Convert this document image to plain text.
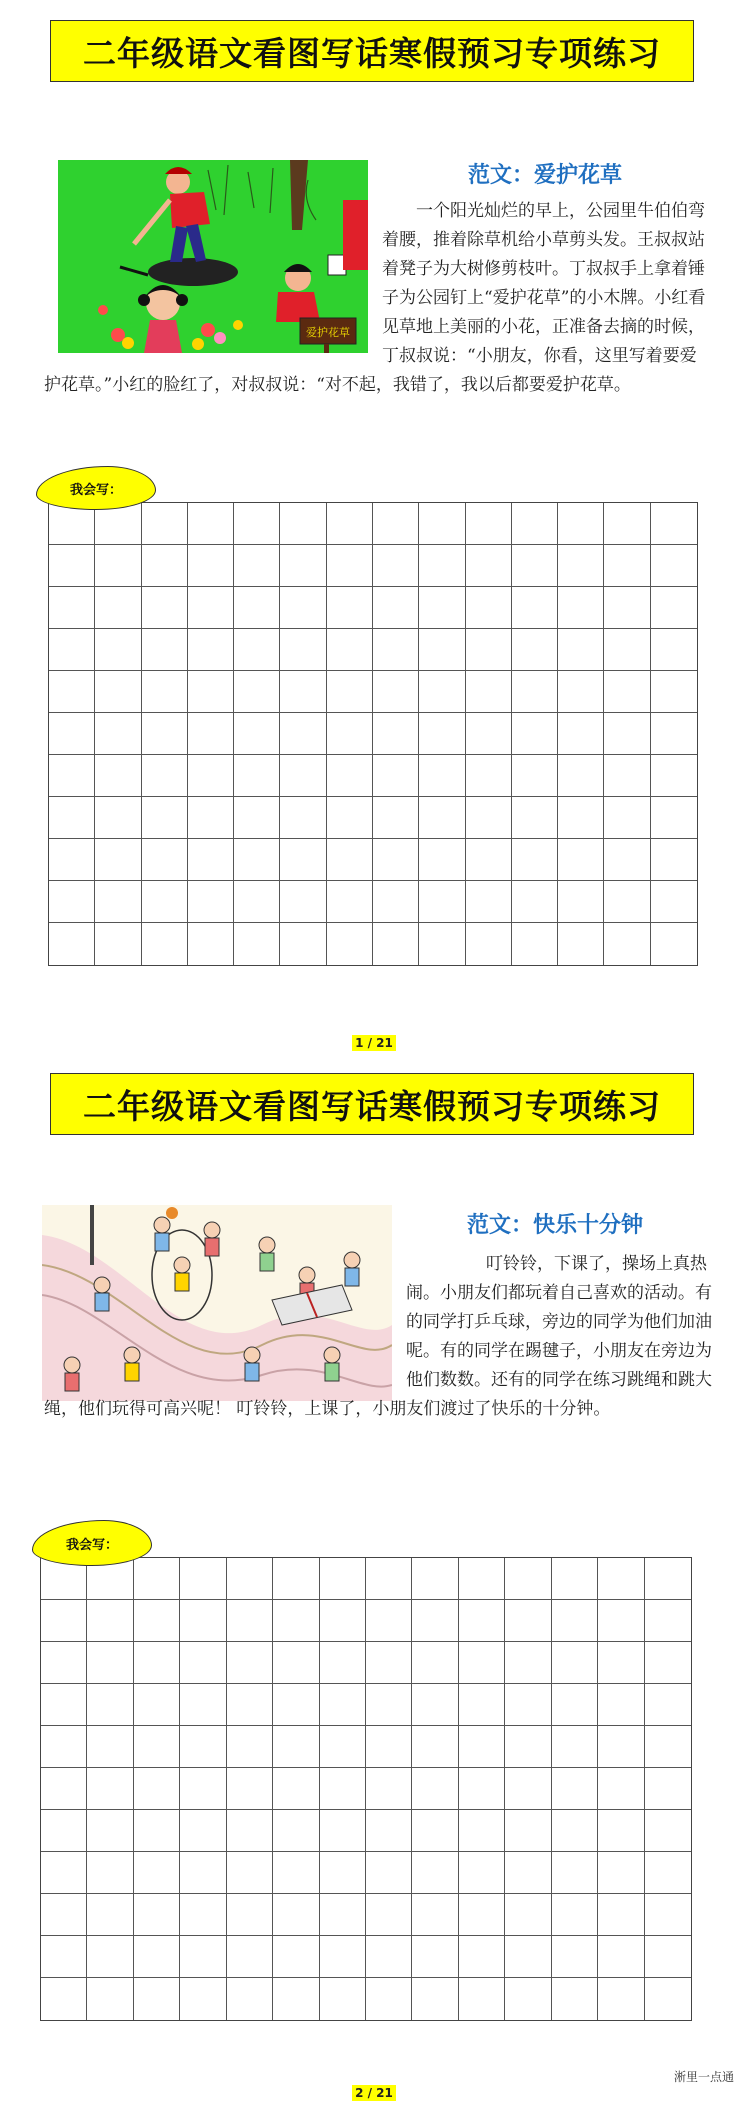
二年级语文看图写话寒假预习专项练习
爱护花草
范文：爱护花草
一个阳光灿烂的早上，公园里牛伯伯弯着腰，推着除草机给小草剪头发。王叔叔站着凳子为大树修剪枝叶。丁叔叔手上拿着锤子为公园钉上“爱护花草”的小木牌。小红看见草地上美丽的小花，正准备去摘的时候，丁叔叔说：“小朋友，你看，这里写着要爱护花草。”小红的脸红了，对叔叔说：“对不起，我错了，我以后都要爱护花草。
我会写：
1 / 21
二年级语文看图写话寒假预习专项练习
范文：快乐十分钟
叮铃铃，下课了，操场上真热闹。小朋友们都玩着自己喜欢的活动。有的同学打乒乓球，旁边的同学为他们加油呢。有的同学在踢毽子，小朋友在旁边为他们数数。还有的同学在练习跳绳和跳大绳，他们玩得可高兴呢！ 叮铃铃，上课了，小朋友们渡过了快乐的十分钟。
我会写：
2 / 21
淅里一点通
